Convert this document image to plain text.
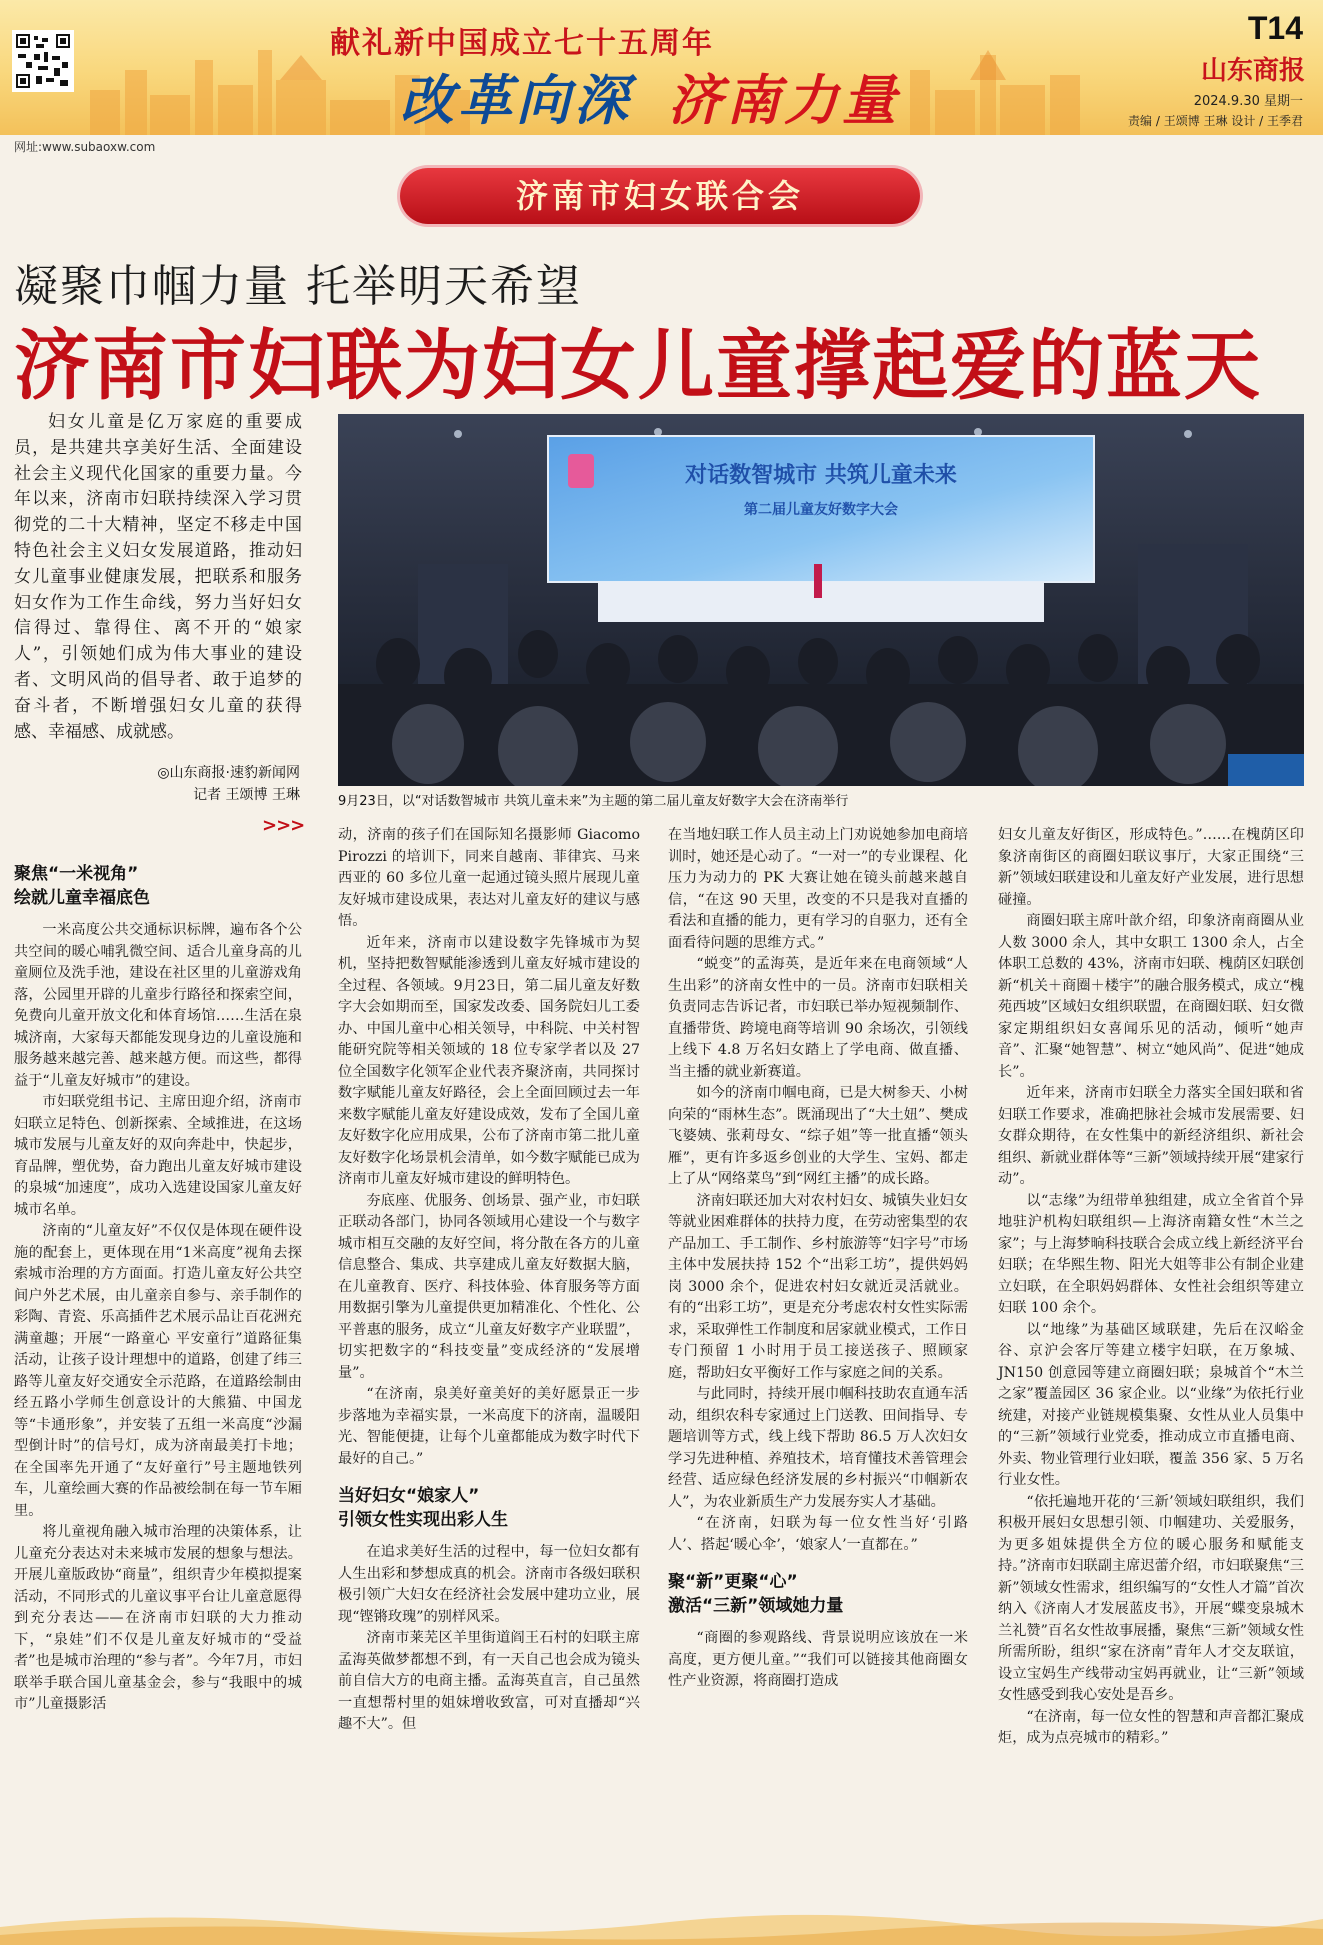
献礼新中国成立七十五周年
改革向深 济南力量
T14
山东商报
2024.9.30 星期一
责编 / 王颂博 王琳 设计 / 王季君
网址:www.subaoxw.com
济南市妇女联合会
凝聚巾帼力量 托举明天希望
济南市妇联为妇女儿童撑起爱的蓝天
妇女儿童是亿万家庭的重要成员，是共建共享美好生活、全面建设社会主义现代化国家的重要力量。今年以来，济南市妇联持续深入学习贯彻党的二十大精神，坚定不移走中国特色社会主义妇女发展道路，推动妇女儿童事业健康发展，把联系和服务妇女作为工作生命线，努力当好妇女信得过、靠得住、离不开的“娘家人”，引领她们成为伟大事业的建设者、文明风尚的倡导者、敢于追梦的奋斗者，不断增强妇女儿童的获得感、幸福感、成就感。
◎山东商报·速豹新闻网
记者 王颂博 王琳
>>>
对话数智城市 共筑儿童未来
第二届儿童友好数字大会
9月23日，以“对话数智城市 共筑儿童未来”为主题的第二届儿童友好数字大会在济南举行
聚焦“一米视角”
绘就儿童幸福底色

一米高度公共交通标识标牌，遍布各个公共空间的暖心哺乳微空间、适合儿童身高的儿童厕位及洗手池，建设在社区里的儿童游戏角落，公园里开辟的儿童步行路径和探索空间，免费向儿童开放文化和体育场馆……生活在泉城济南，大家每天都能发现身边的儿童设施和服务越来越完善、越来越方便。而这些，都得益于“儿童友好城市”的建设。

市妇联党组书记、主席田迎介绍，济南市妇联立足特色、创新探索、全域推进，在这场城市发展与儿童友好的双向奔赴中，快起步，育品牌，塑优势，奋力跑出儿童友好城市建设的泉城“加速度”，成功入选建设国家儿童友好城市名单。

济南的“儿童友好”不仅仅是体现在硬件设施的配套上，更体现在用“1米高度”视角去探索城市治理的方方面面。打造儿童友好公共空间户外艺术展，由儿童亲自参与、亲手制作的彩陶、青瓷、乐高插件艺术展示品让百花洲充满童趣；开展“一路童心 平安童行”道路征集活动，让孩子设计理想中的道路，创建了纬三路等儿童友好交通安全示范路，在道路绘制由经五路小学师生创意设计的大熊猫、中国龙等“卡通形象”，并安装了五组一米高度“沙漏型倒计时”的信号灯，成为济南最美打卡地；在全国率先开通了“友好童行”号主题地铁列车，儿童绘画大赛的作品被绘制在每一节车厢里。

将儿童视角融入城市治理的决策体系，让儿童充分表达对未来城市发展的想象与想法。开展儿童版政协“商量”，组织青少年模拟提案活动，不同形式的儿童议事平台让儿童意愿得到充分表达——在济南市妇联的大力推动下，“泉娃”们不仅是儿童友好城市的“受益者”也是城市治理的“参与者”。今年7月，市妇联举手联合国儿童基金会，参与“我眼中的城市”儿童摄影活

动，济南的孩子们在国际知名摄影师 Giacomo Pirozzi 的培训下，同来自越南、菲律宾、马来西亚的 60 多位儿童一起通过镜头照片展现儿童友好城市建设成果，表达对儿童友好的建议与感悟。

近年来，济南市以建设数字先锋城市为契机，坚持把数智赋能渗透到儿童友好城市建设的全过程、各领域。9月23日，第二届儿童友好数字大会如期而至，国家发改委、国务院妇儿工委办、中国儿童中心相关领导，中科院、中关村智能研究院等相关领域的 18 位专家学者以及 27 位全国数字化领军企业代表齐聚济南，共同探讨数字赋能儿童友好路径，会上全面回顾过去一年来数字赋能儿童友好建设成效，发布了全国儿童友好数字化应用成果，公布了济南市第二批儿童友好数字化场景机会清单，如今数字赋能已成为济南市儿童友好城市建设的鲜明特色。

夯底座、优服务、创场景、强产业，市妇联正联动各部门，协同各领域用心建设一个与数字城市相互交融的友好空间，将分散在各方的儿童信息整合、集成、共享建成儿童友好数据大脑，在儿童教育、医疗、科技体验、体育服务等方面用数据引擎为儿童提供更加精准化、个性化、公平普惠的服务，成立“儿童友好数字产业联盟”，切实把数字的“科技变量”变成经济的“发展增量”。

“在济南，泉美好童美好的美好愿景正一步步落地为幸福实景，一米高度下的济南，温暖阳光、智能便捷，让每个儿童都能成为数字时代下最好的自己。”

当好妇女“娘家人”
引领女性实现出彩人生

在追求美好生活的过程中，每一位妇女都有人生出彩和梦想成真的机会。济南市各级妇联积极引领广大妇女在经济社会发展中建功立业，展现“铿锵玫瑰”的别样风采。

济南市莱芜区羊里街道阎王石村的妇联主席孟海英做梦都想不到，有一天自己也会成为镜头前自信大方的电商主播。孟海英直言，自己虽然一直想帮村里的姐妹增收致富，可对直播却“兴趣不大”。但

在当地妇联工作人员主动上门劝说她参加电商培训时，她还是心动了。“一对一”的专业课程、化压力为动力的 PK 大赛让她在镜头前越来越自信，“在这 90 天里，改变的不只是我对直播的看法和直播的能力，更有学习的自驱力，还有全面看待问题的思维方式。”

“蜕变”的孟海英，是近年来在电商领域“人生出彩”的济南女性中的一员。济南市妇联相关负责同志告诉记者，市妇联已举办短视频制作、直播带货、跨境电商等培训 90 余场次，引领线上线下 4.8 万名妇女踏上了学电商、做直播、当主播的就业新赛道。

如今的济南巾帼电商，已是大树参天、小树向荣的“雨林生态”。既涌现出了“大土妞”、樊成飞婆姨、张莉母女、“综子姐”等一批直播“领头雁”，更有许多返乡创业的大学生、宝妈、都走上了从“网络菜鸟”到“网红主播”的成长路。

济南妇联还加大对农村妇女、城镇失业妇女等就业困难群体的扶持力度，在劳动密集型的农产品加工、手工制作、乡村旅游等“妇字号”市场主体中发展扶持 152 个“出彩工坊”，提供妈妈岗 3000 余个，促进农村妇女就近灵活就业。有的“出彩工坊”，更是充分考虑农村女性实际需求，采取弹性工作制度和居家就业模式，工作日专门预留 1 小时用于员工接送孩子、照顾家庭，帮助妇女平衡好工作与家庭之间的关系。

与此同时，持续开展巾帼科技助农直通车活动，组织农科专家通过上门送教、田间指导、专题培训等方式，线上线下帮助 86.5 万人次妇女学习先进种植、养殖技术，培育懂技术善管理会经营、适应绿色经济发展的乡村振兴“巾帼新农人”，为农业新质生产力发展夯实人才基础。

“在济南，妇联为每一位女性当好‘引路人’、搭起‘暖心伞’，‘娘家人’一直都在。”

聚“新”更聚“心”
激活“三新”领域她力量

“商圈的参观路线、背景说明应该放在一米高度，更方便儿童。”“我们可以链接其他商圈女性产业资源，将商圈打造成

妇女儿童友好街区，形成特色。”……在槐荫区印象济南街区的商圈妇联议事厅，大家正围绕“三新”领域妇联建设和儿童友好产业发展，进行思想碰撞。

商圈妇联主席叶歆介绍，印象济南商圈从业人数 3000 余人，其中女职工 1300 余人，占全体职工总数的 43%，济南市妇联、槐荫区妇联创新“机关＋商圈＋楼宇”的融合服务模式，成立“槐苑西坡”区域妇女组织联盟，在商圈妇联、妇女微家定期组织妇女喜闻乐见的活动，倾听“她声音”、汇聚“她智慧”、树立“她风尚”、促进“她成长”。

近年来，济南市妇联全力落实全国妇联和省妇联工作要求，准确把脉社会城市发展需要、妇女群众期待，在女性集中的新经济组织、新社会组织、新就业群体等“三新”领域持续开展“建家行动”。

以“志缘”为纽带单独组建，成立全省首个异地驻沪机构妇联组织—上海济南籍女性“木兰之家”；与上海梦晌科技联合会成立线上新经济平台妇联；在华熙生物、阳光大姐等非公有制企业建立妇联，在全职妈妈群体、女性社会组织等建立妇联 100 余个。

以“地缘”为基础区域联建，先后在汉峪金谷、京沪会客厅等建立楼宇妇联，在万象城、JN150 创意园等建立商圈妇联；泉城首个“木兰之家”覆盖园区 36 家企业。以“业缘”为依托行业统建，对接产业链规模集聚、女性从业人员集中的“三新”领域行业党委，推动成立市直播电商、外卖、物业管理行业妇联，覆盖 356 家、5 万名行业女性。

“依托遍地开花的‘三新’领域妇联组织，我们积极开展妇女思想引领、巾帼建功、关爱服务，为更多姐妹提供全方位的暖心服务和赋能支持。”济南市妇联副主席迟蕾介绍，市妇联聚焦“三新”领域女性需求，组织编写的“女性人才篇”首次纳入《济南人才发展蓝皮书》，开展“蝶变泉城木兰礼赞”百名女性故事展播，聚焦“三新”领域女性所需所盼，组织“家在济南”青年人才交友联谊，设立宝妈生产线带动宝妈再就业，让“三新”领域女性感受到我心安处是吾乡。

“在济南，每一位女性的智慧和声音都汇聚成炬，成为点亮城市的精彩。”
